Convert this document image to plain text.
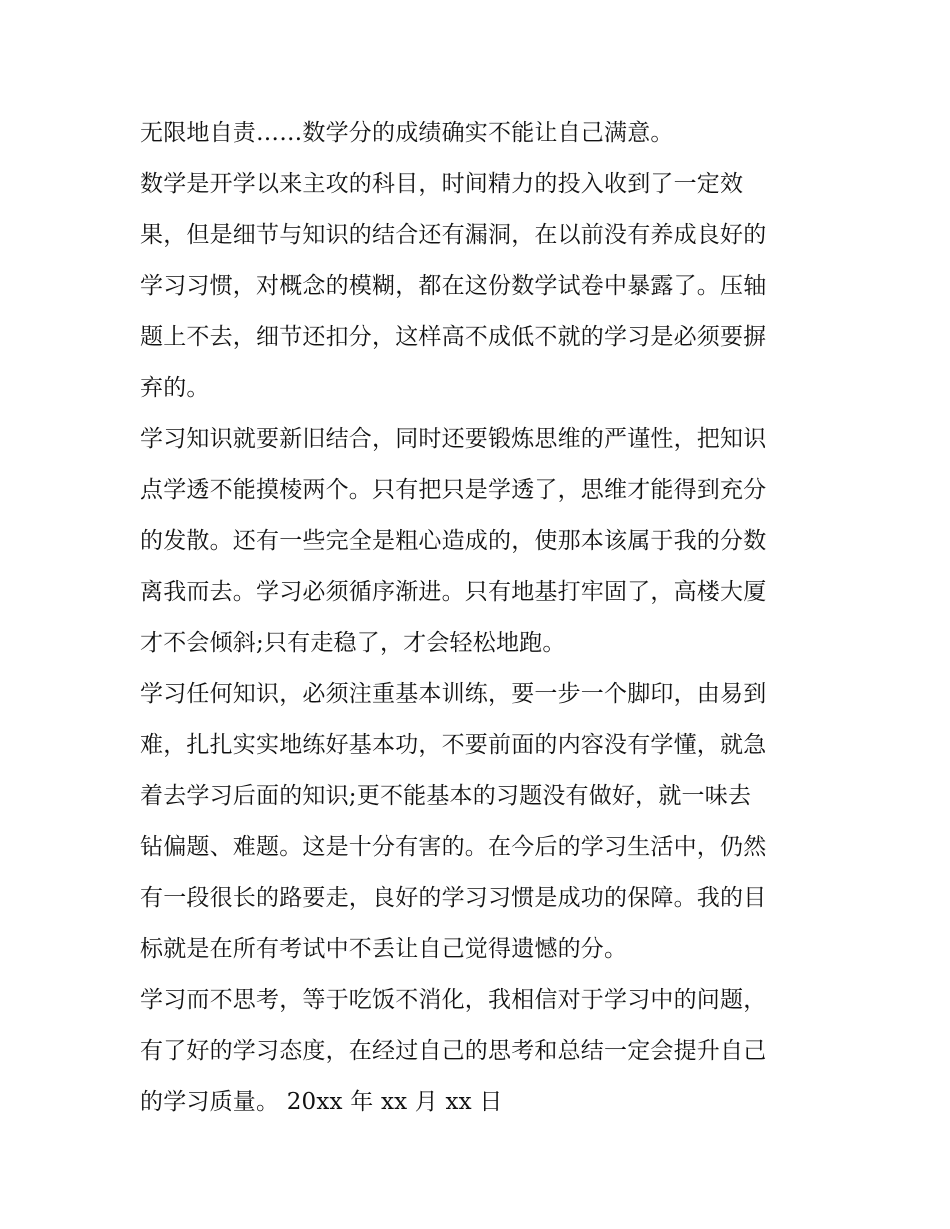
无限地自责……数学分的成绩确实不能让自己满意。
数学是开学以来主攻的科目，时间精力的投入收到了一定效
果，但是细节与知识的结合还有漏洞，在以前没有养成良好的
学习习惯，对概念的模糊，都在这份数学试卷中暴露了。压轴
题上不去，细节还扣分，这样高不成低不就的学习是必须要摒
弃的。
学习知识就要新旧结合，同时还要锻炼思维的严谨性，把知识
点学透不能摸棱两个。只有把只是学透了，思维才能得到充分
的发散。还有一些完全是粗心造成的，使那本该属于我的分数
离我而去。学习必须循序渐进。只有地基打牢固了，高楼大厦
才不会倾斜;只有走稳了，才会轻松地跑。
学习任何知识，必须注重基本训练，要一步一个脚印，由易到
难，扎扎实实地练好基本功，不要前面的内容没有学懂，就急
着去学习后面的知识;更不能基本的习题没有做好，就一味去
钻偏题、难题。这是十分有害的。在今后的学习生活中，仍然
有一段很长的路要走，良好的学习习惯是成功的保障。我的目
标就是在所有考试中不丢让自己觉得遗憾的分。
学习而不思考，等于吃饭不消化，我相信对于学习中的问题，
有了好的学习态度，在经过自己的思考和总结一定会提升自己
的学习质量。 20xx 年 xx 月 xx 日
